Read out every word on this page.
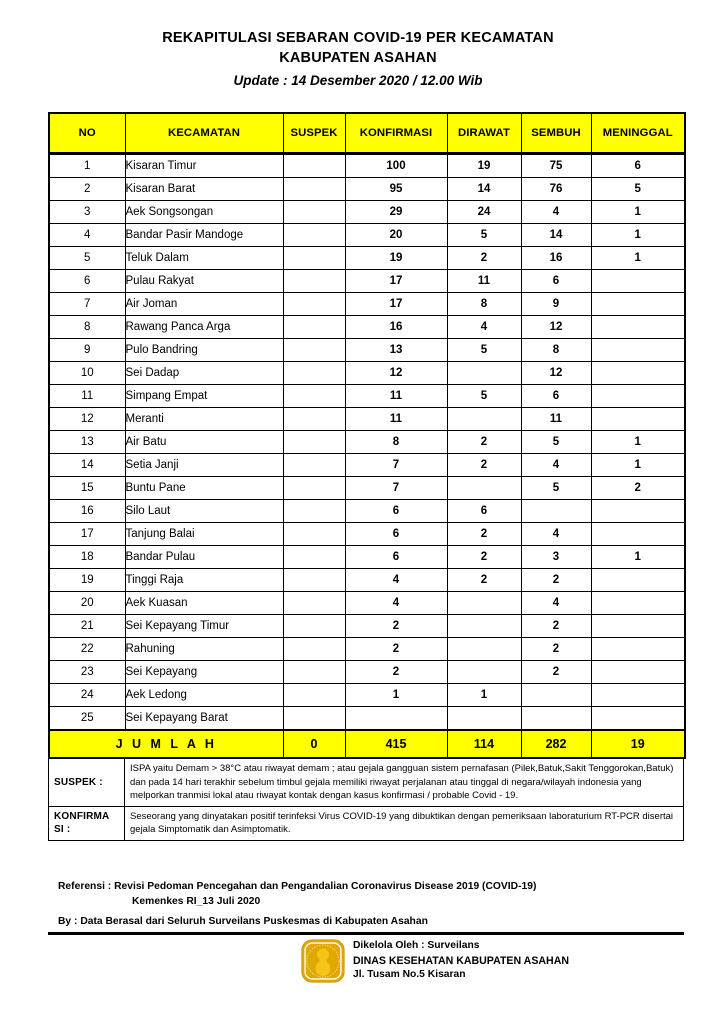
REKAPITULASI SEBARAN COVID-19 PER KECAMATAN
KABUPATEN ASAHAN
Update : 14 Desember 2020 / 12.00 Wib
NO	KECAMATAN	SUSPEK	KONFIRMASI	DIRAWAT	SEMBUH	MENINGGAL
1	Kisaran Timur		100	19	75	6
2	Kisaran Barat		95	14	76	5
3	Aek Songsongan		29	24	4	1
4	Bandar Pasir Mandoge		20	5	14	1
5	Teluk Dalam		19	2	16	1
6	Pulau Rakyat		17	11	6	
7	Air Joman		17	8	9	
8	Rawang Panca Arga		16	4	12	
9	Pulo Bandring		13	5	8	
10	Sei Dadap		12		12	
11	Simpang Empat		11	5	6	
12	Meranti		11		11	
13	Air Batu		8	2	5	1
14	Setia Janji		7	2	4	1
15	Buntu Pane		7		5	2
16	Silo Laut		6	6		
17	Tanjung Balai		6	2	4	
18	Bandar Pulau		6	2	3	1
19	Tinggi Raja		4	2	2	
20	Aek Kuasan		4		4	
21	Sei Kepayang Timur		2		2	
22	Rahuning		2		2	
23	Sei Kepayang		2		2	
24	Aek Ledong		1	1		
25	Sei Kepayang Barat					
J U M L A H		0	415	114	282	19
SUSPEK :	ISPA yaitu Demam > 38°C atau riwayat demam ; atau gejala gangguan sistem pernafasan (Pilek,Batuk,Sakit Tenggorokan,Batuk) dan pada 14 hari terakhir sebelum timbul gejala memiliki riwayat perjalanan atau tinggal di negara/wilayah indonesia yang melporkan tranmisi lokal atau riwayat kontak dengan kasus konfirmasi / probable Covid - 19.
KONFIRMA SI :	Seseorang yang dinyatakan positif terinfeksi Virus COVID-19 yang dibuktikan dengan pemeriksaan laboraturium RT-PCR disertai gejala Simptomatik dan Asimptomatik.
Referensi : Revisi Pedoman Pencegahan dan Pengandalian Coronavirus Disease 2019 (COVID-19)
Kemenkes RI_13 Juli 2020
By : Data Berasal dari Seluruh Surveilans Puskesmas di Kabupaten Asahan
Dikelola Oleh : Surveilans
DINAS KESEHATAN KABUPATEN ASAHAN
Jl. Tusam No.5 Kisaran
